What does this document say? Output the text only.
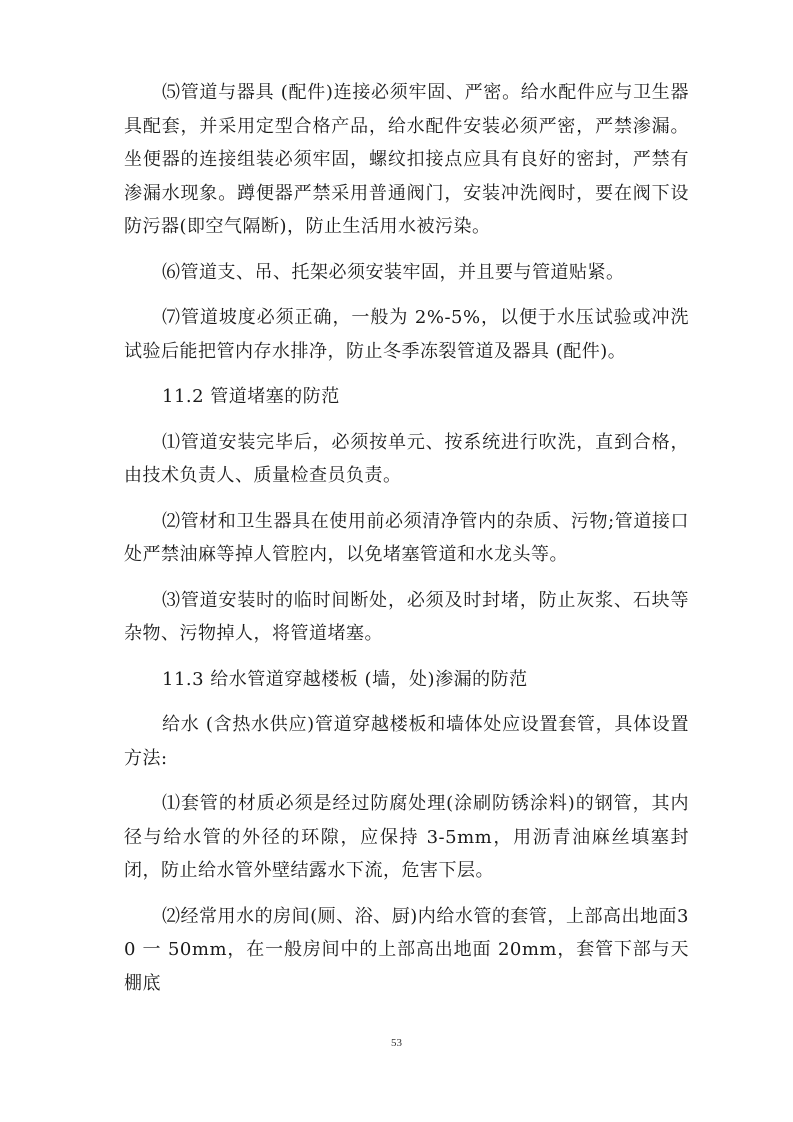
⑸管道与器具 (配件)连接必须牢固、严密。给水配件应与卫生器具配套，并采用定型合格产品，给水配件安装必须严密，严禁渗漏。坐便器的连接组装必须牢固，螺纹扣接点应具有良好的密封，严禁有渗漏水现象。蹲便器严禁采用普通阀门，安装冲洗阀时，要在阀下设防污器(即空气隔断)，防止生活用水被污染。

⑹管道支、吊、托架必须安装牢固，并且要与管道贴紧。

⑺管道坡度必须正确，一般为 2%-5%，以便于水压试验或冲洗试验后能把管内存水排净，防止冬季冻裂管道及器具 (配件)。

11.2 管道堵塞的防范

⑴管道安装完毕后，必须按单元、按系统进行吹洗，直到合格，由技术负责人、质量检查员负责。

⑵管材和卫生器具在使用前必须清净管内的杂质、污物;管道接口处严禁油麻等掉人管腔内，以免堵塞管道和水龙头等。

⑶管道安装时的临时间断处，必须及时封堵，防止灰浆、石块等杂物、污物掉人，将管道堵塞。

11.3 给水管道穿越楼板 (墙，处)渗漏的防范

给水 (含热水供应)管道穿越楼板和墙体处应设置套管，具体设置方法:

⑴套管的材质必须是经过防腐处理(涂刷防锈涂料)的钢管，其内径与给水管的外径的环隙，应保持 3-5mm，用沥青油麻丝填塞封闭，防止给水管外壁结露水下流，危害下层。

⑵经常用水的房间(厕、浴、厨)内给水管的套管，上部高出地面30 一 50mm，在一般房间中的上部高出地面 20mm，套管下部与天棚底

53
